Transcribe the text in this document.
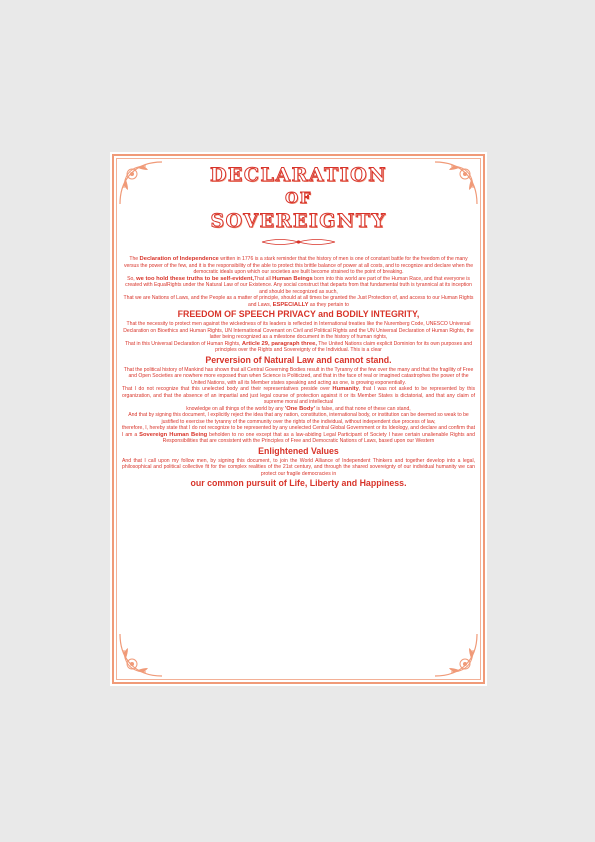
DECLARATION
OF
SOVEREIGNTY

The Declaration of Independence written in 1776 is a stark reminder that the history of men is one of constant battle for the freedom of the many versus the power of the few, and it is the responsibility of the able to protect this brittle balance of power at all costs, and to recognize and declare when the democratic ideals upon which our societies are built become strained to the point of breaking.

So, we too hold these truths to be self-evident,That all Human Beings born into this world are part of the Human Race, and that everyone is created with EqualRights under the Natural Law of our Existence. Any social construct that departs from that fundamental truth is tyrannical at its inception and should be recognized as such,

That we are Nations of Laws, and the People as a matter of principle, should at all times be granted the Just Protection of, and access to our Human Rights and Laws, ESPECIALLY as they pertain to

FREEDOM OF SPEECH PRIVACY and BODILY INTEGRITY,

That the necessity to protect men against the wickedness of its leaders is reflected in International treaties like the Nuremberg Code, UNESCO Universal Declaration on Bioethics and Human Rights, UN International Covenant on Civil and Political Rights and the UN Universal Declaration of Human Rights, the latter being recognized as a milestone document in the history of human rights,

That in this Universal Declaration of Human Rights, Article 29, paragraph three, The United Nations claim explicit Dominion for its own purposes and principles over the Rights and Sovereignty of the Individual. This is a clear

Perversion of Natural Law and cannot stand.

That the political history of Mankind has shown that all Central Governing Bodies result in the Tyranny of the few over the many and that the fragility of Free and Open Societies are nowhere more exposed than when Science is Politicized, and that in the face of real or imagined catastrophes the power of the United Nations, with all its Member states speaking and acting as one, is growing exponentially.

That I do not recognize that this unelected body and their representatives preside over Humanity, that I was not asked to be represented by this organization, and that the absence of an impartial and just legal course of protection against it or its Member States is dictatorial, and that any claim of supreme moral and intellectual

knowledge on all things of the world by any 'One Body' is false, and that none of these can stand,

And that by signing this document, I explicitly reject the idea that any nation, constitution, international body, or institution can be deemed so weak to be justified to exercise the tyranny of the community over the rights of the individual, without independent due process of law,

therefore, I, hereby state that I do not recognize to be represented by any unelected Central Global Government or its Ideology, and declare and confirm that I am a Sovereign Human Being beholden to no one except that as a law-abiding Legal Participant of Society I have certain unalienable Rights and Responsibilities that are consistent with the Principles of Free and Democratic Nations of Laws, based upon our Western

Enlightened Values

And that I call upon my follow men, by signing this document, to join the World Alliance of Independent Thinkers and together develop into a legal, philosophical and political collective fit for the complex realities of the 21st century, and through the shared sovereignty of our individual humanity we can protect our fragile democracies in

our common pursuit of Life, Liberty and Happiness.
